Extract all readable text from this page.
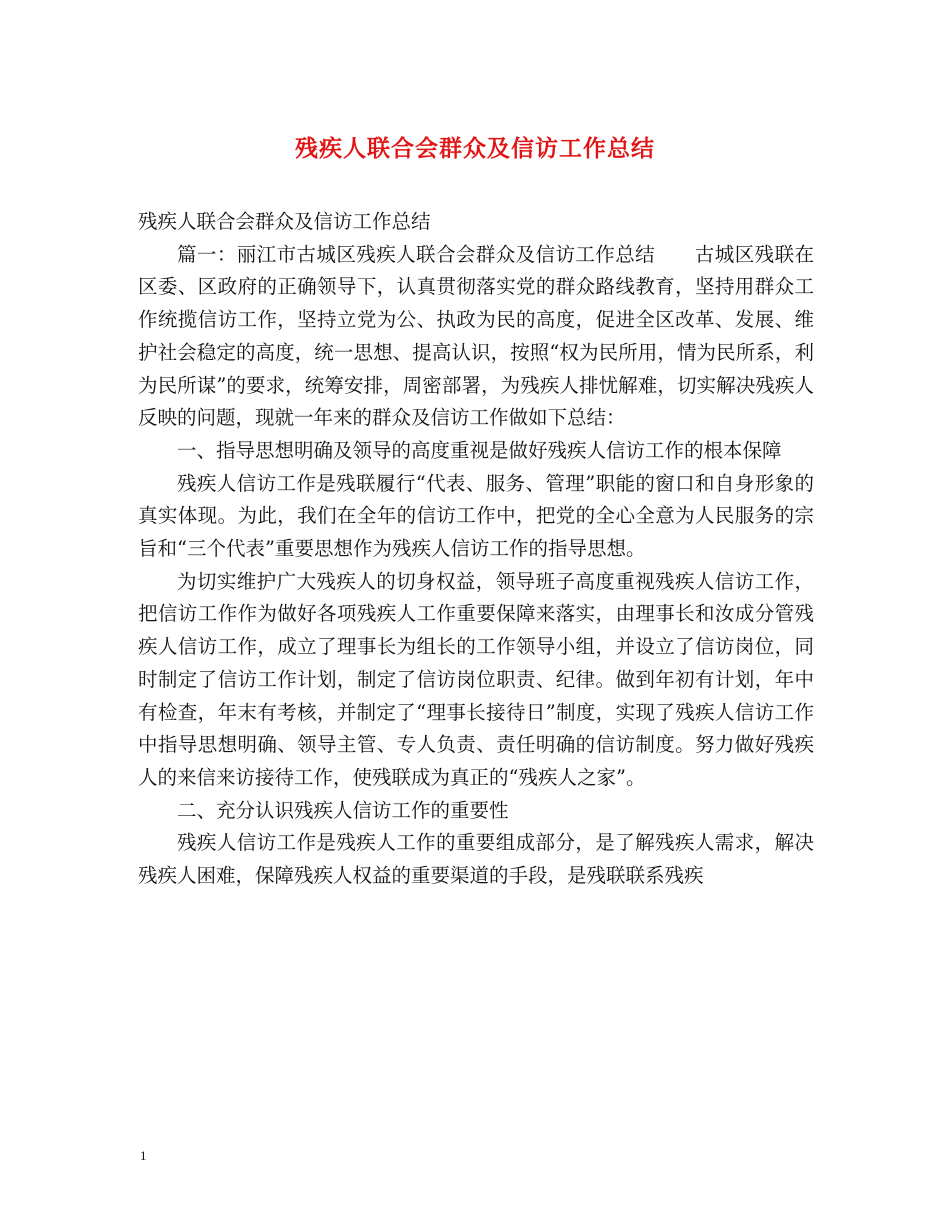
残疾人联合会群众及信访工作总结

残疾人联合会群众及信访工作总结

篇一：丽江市古城区残疾人联合会群众及信访工作总结　　古城区残联在区委、区政府的正确领导下，认真贯彻落实党的群众路线教育，坚持用群众工作统揽信访工作，坚持立党为公、执政为民的高度，促进全区改革、发展、维护社会稳定的高度，统一思想、提高认识，按照“权为民所用，情为民所系，利为民所谋”的要求，统筹安排，周密部署，为残疾人排忧解难，切实解决残疾人反映的问题，现就一年来的群众及信访工作做如下总结：

一、指导思想明确及领导的高度重视是做好残疾人信访工作的根本保障

残疾人信访工作是残联履行“代表、服务、管理”职能的窗口和自身形象的真实体现。为此，我们在全年的信访工作中，把党的全心全意为人民服务的宗旨和“三个代表”重要思想作为残疾人信访工作的指导思想。

为切实维护广大残疾人的切身权益，领导班子高度重视残疾人信访工作，把信访工作作为做好各项残疾人工作重要保障来落实，由理事长和汝成分管残疾人信访工作，成立了理事长为组长的工作领导小组，并设立了信访岗位，同时制定了信访工作计划，制定了信访岗位职责、纪律。做到年初有计划，年中有检查，年末有考核，并制定了“理事长接待日”制度，实现了残疾人信访工作中指导思想明确、领导主管、专人负责、责任明确的信访制度。努力做好残疾人的来信来访接待工作，使残联成为真正的“残疾人之家”。

二、充分认识残疾人信访工作的重要性

残疾人信访工作是残疾人工作的重要组成部分，是了解残疾人需求，解决残疾人困难，保障残疾人权益的重要渠道的手段，是残联联系残疾

1
